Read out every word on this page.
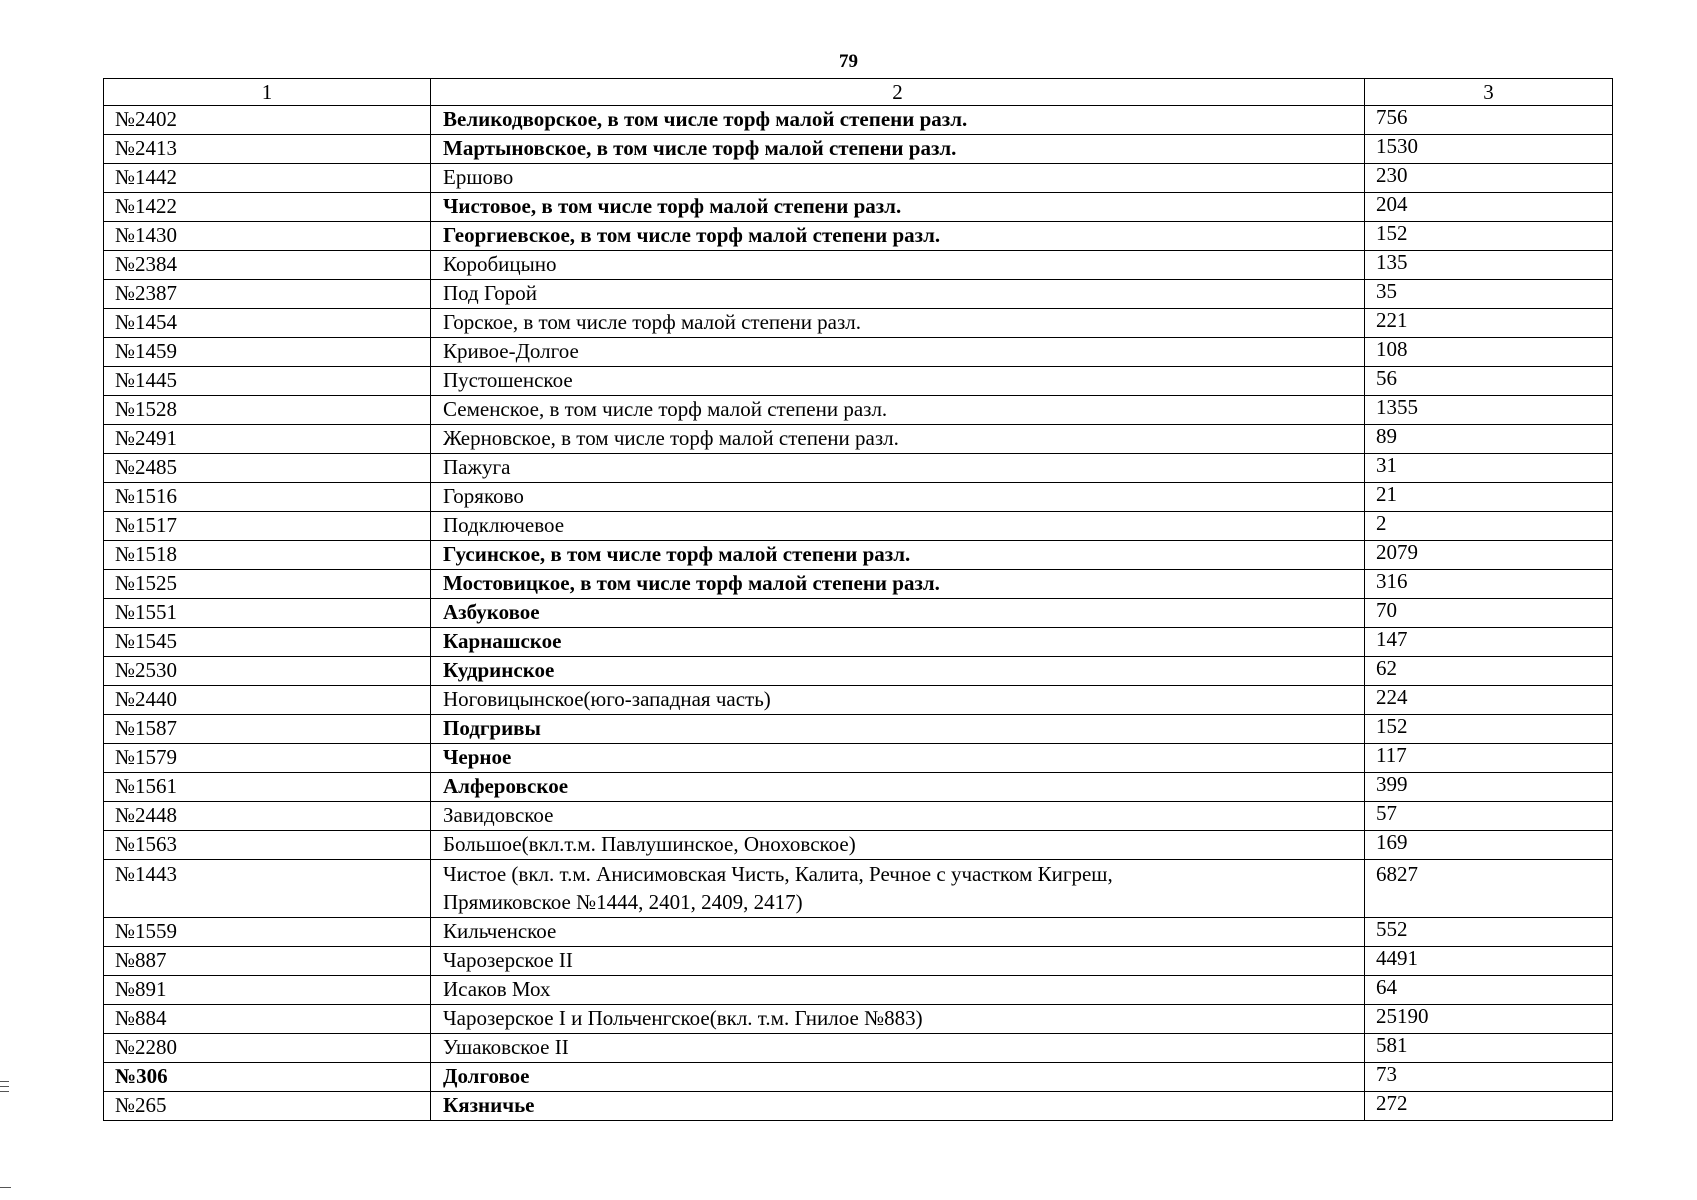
79
1	2	3
№2402	Великодворское, в том числе торф малой степени разл.	756
№2413	Мартыновское, в том числе торф малой степени разл.	1530
№1442	Ершово	230
№1422	Чистовое, в том числе торф малой степени разл.	204
№1430	Георгиевское, в том числе торф малой степени разл.	152
№2384	Коробицыно	135
№2387	Под Горой	35
№1454	Горское, в том числе торф малой степени разл.	221
№1459	Кривое-Долгое	108
№1445	Пустошенское	56
№1528	Семенское, в том числе торф малой степени разл.	1355
№2491	Жерновское, в том числе торф малой степени разл.	89
№2485	Пажуга	31
№1516	Горяково	21
№1517	Подключевое	2
№1518	Гусинское, в том числе торф малой степени разл.	2079
№1525	Мостовицкое, в том числе торф малой степени разл.	316
№1551	Азбуковое	70
№1545	Карнашское	147
№2530	Кудринское	62
№2440	Ноговицынское(юго-западная часть)	224
№1587	Подгривы	152
№1579	Черное	117
№1561	Алферовское	399
№2448	Завидовское	57
№1563	Большое(вкл.т.м. Павлушинское, Оноховское)	169
№1443	Чистое (вкл. т.м. Анисимовская Чисть, Калита, Речное с участком Кигреш,
Прямиковское №1444, 2401, 2409, 2417)	6827
№1559	Кильченское	552
№887	Чарозерское II	4491
№891	Исаков Мох	64
№884	Чарозерское I и Польченгское(вкл. т.м. Гнилое №883)	25190
№2280	Ушаковское II	581
№306	Долговое	73
№265	Кязничье	272
